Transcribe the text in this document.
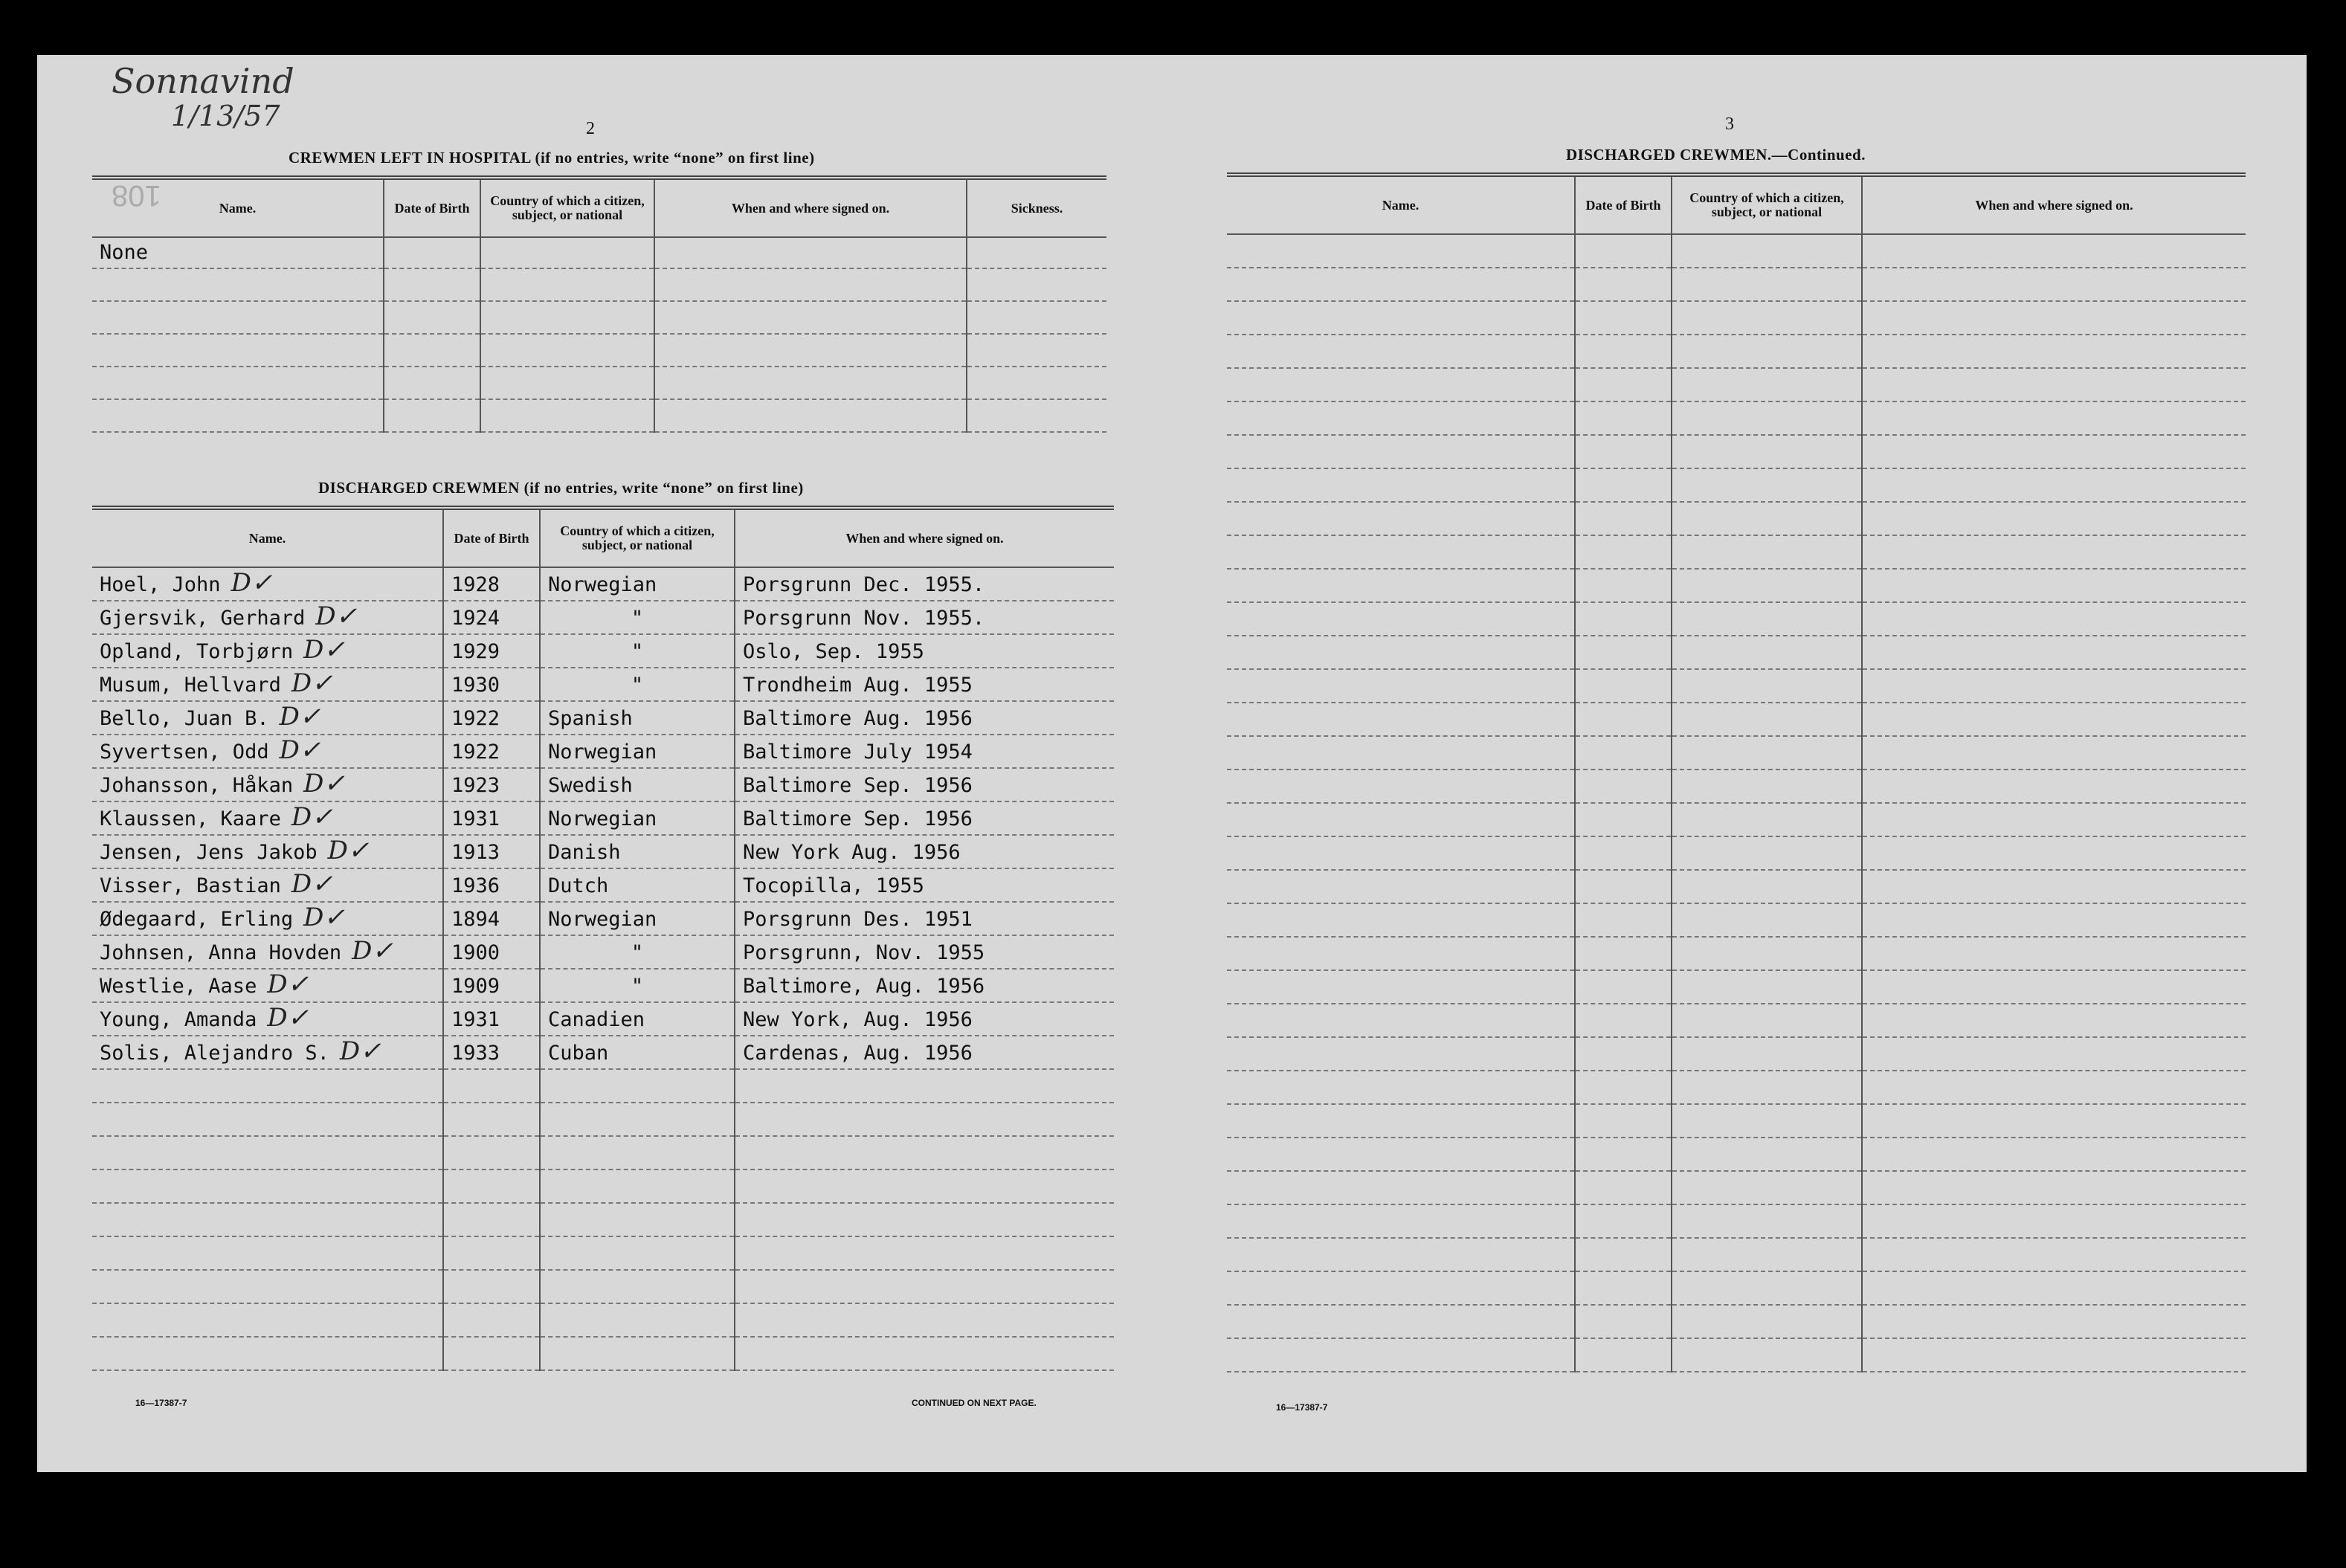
Sonnavind
1/13/57
108
2
CREWMEN LEFT IN HOSPITAL (if no entries, write “none” on first line)
Name.	Date of Birth	Country of which a citizen, subject, or national	When and where signed on.	Sickness.
None				

DISCHARGED CREWMEN (if no entries, write “none” on first line)
Name.	Date of Birth	Country of which a citizen, subject, or national	When and where signed on.
Hoel, John D✓	1928	Norwegian	Porsgrunn Dec. 1955.
Gjersvik, Gerhard D✓	1924	"	Porsgrunn Nov. 1955.
Opland, Torbjørn D✓	1929	"	Oslo, Sep. 1955
Musum, Hellvard D✓	1930	"	Trondheim Aug. 1955
Bello, Juan B. D✓	1922	Spanish	Baltimore Aug. 1956
Syvertsen, Odd D✓	1922	Norwegian	Baltimore July 1954
Johansson, Håkan D✓	1923	Swedish	Baltimore Sep. 1956
Klaussen, Kaare D✓	1931	Norwegian	Baltimore Sep. 1956
Jensen, Jens Jakob D✓	1913	Danish	New York Aug. 1956
Visser, Bastian D✓	1936	Dutch	Tocopilla, 1955
Ødegaard, Erling D✓	1894	Norwegian	Porsgrunn Des. 1951
Johnsen, Anna Hovden D✓	1900	"	Porsgrunn, Nov. 1955
Westlie, Aase D✓	1909	"	Baltimore, Aug. 1956
Young, Amanda D✓	1931	Canadien	New York, Aug. 1956
Solis, Alejandro S. D✓	1933	Cuban	Cardenas, Aug. 1956

16—17387-7	CONTINUED ON NEXT PAGE.
3
DISCHARGED CREWMEN.—Continued.
Name.	Date of Birth	Country of which a citizen, subject, or national	When and where signed on.

16—17387-7
